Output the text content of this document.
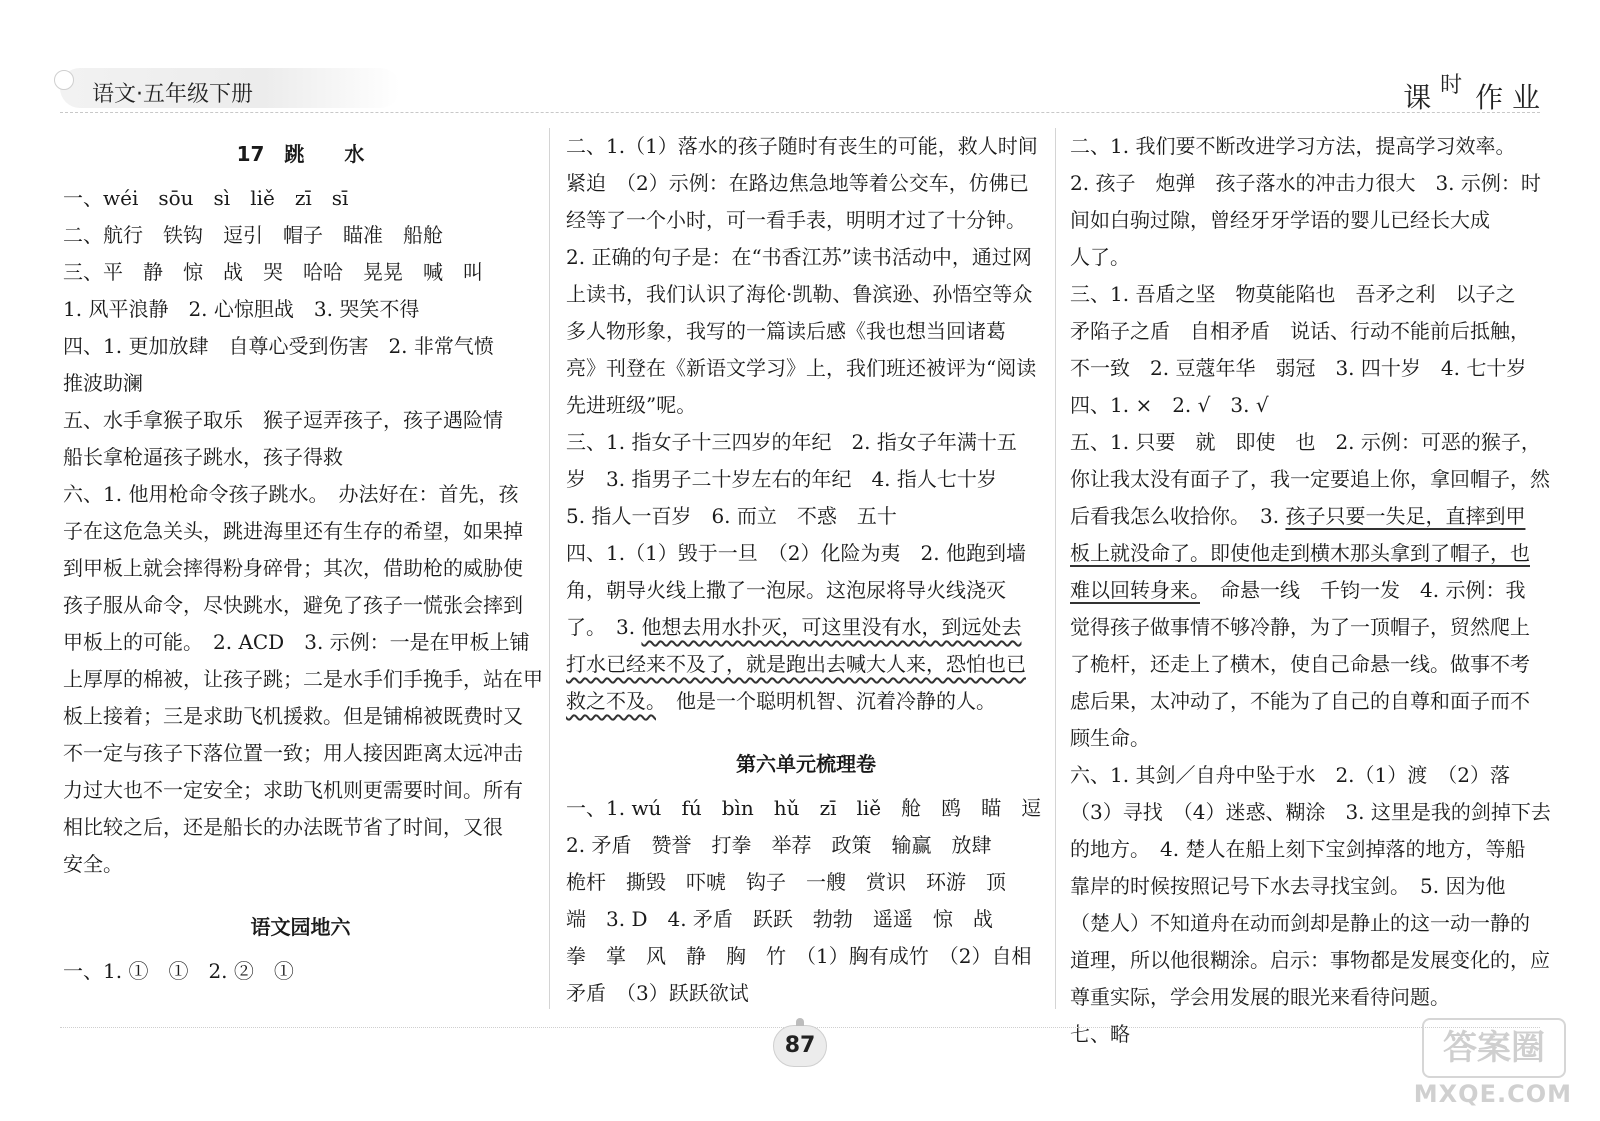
语文·五年级下册	课 时 作 业
17　跳　　水
一、wéi　sōu　sì　liě　zī　sī
二、航行　铁钩　逗引　帽子　瞄准　船舱
三、平　静　惊　战　哭　哈哈　晃晃　喊　叫
1. 风平浪静　2. 心惊胆战　3. 哭笑不得
四、1. 更加放肆　自尊心受到伤害　2. 非常气愤
推波助澜
五、水手拿猴子取乐　猴子逗弄孩子，孩子遇险情
船长拿枪逼孩子跳水，孩子得救
六、1. 他用枪命令孩子跳水。　办法好在：首先，孩
子在这危急关头，跳进海里还有生存的希望，如果掉
到甲板上就会摔得粉身碎骨；其次，借助枪的威胁使
孩子服从命令，尽快跳水，避免了孩子一慌张会摔到
甲板上的可能。　2. ACD　3. 示例：一是在甲板上铺
上厚厚的棉被，让孩子跳；二是水手们手挽手，站在甲
板上接着；三是求助飞机援救。但是铺棉被既费时又
不一定与孩子下落位置一致；用人接因距离太远冲击
力过大也不一定安全；求助飞机则更需要时间。所有
相比较之后，还是船长的办法既节省了时间，又很
安全。
语文园地六
一、1. ①　①　2. ②　①
二、1.（1）落水的孩子随时有丧生的可能，救人时间
紧迫　（2）示例：在路边焦急地等着公交车，仿佛已
经等了一个小时，可一看手表，明明才过了十分钟。
2. 正确的句子是：在“书香江苏”读书活动中，通过网
上读书，我们认识了海伦·凯勒、鲁滨逊、孙悟空等众
多人物形象，我写的一篇读后感《我也想当回诸葛
亮》刊登在《新语文学习》上，我们班还被评为“阅读
先进班级”呢。
三、1. 指女子十三四岁的年纪　2. 指女子年满十五
岁　3. 指男子二十岁左右的年纪　4. 指人七十岁
5. 指人一百岁　6. 而立　不惑　五十
四、1.（1）毁于一旦　（2）化险为夷　2. 他跑到墙
角，朝导火线上撒了一泡尿。这泡尿将导火线浇灭
了。　3. 他想去用水扑灭，可这里没有水，到远处去
打水已经来不及了，就是跑出去喊大人来，恐怕也已
救之不及。　他是一个聪明机智、沉着冷静的人。
第六单元梳理卷
一、1. wú　fú　bìn　hǔ　zī　liě　舱　鸥　瞄　逗
2. 矛盾　赞誉　打拳　举荐　政策　输赢　放肆
桅杆　撕毁　吓唬　钩子　一艘　赏识　环游　顶
端　3. D　4. 矛盾　跃跃　勃勃　遥遥　惊　战
拳　掌　风　静　胸　竹　（1）胸有成竹　（2）自相
矛盾　（3）跃跃欲试
二、1. 我们要不断改进学习方法，提高学习效率。
2. 孩子　炮弹　孩子落水的冲击力很大　3. 示例：时
间如白驹过隙，曾经牙牙学语的婴儿已经长大成
人了。
三、1. 吾盾之坚　物莫能陷也　吾矛之利　以子之
矛陷子之盾　自相矛盾　说话、行动不能前后抵触，
不一致　2. 豆蔻年华　弱冠　3. 四十岁　4. 七十岁
四、1. ×　2. √　3. √
五、1. 只要　就　即使　也　2. 示例：可恶的猴子，
你让我太没有面子了，我一定要追上你，拿回帽子，然
后看我怎么收拾你。　3. 孩子只要一失足，直摔到甲
板上就没命了。即使他走到横木那头拿到了帽子，也
难以回转身来。　命悬一线　千钧一发　4. 示例：我
觉得孩子做事情不够冷静，为了一顶帽子，贸然爬上
了桅杆，还走上了横木，使自己命悬一线。做事不考
虑后果，太冲动了，不能为了自己的自尊和面子而不
顾生命。
六、1. 其剑／自舟中坠于水　2.（1）渡　（2）落
（3）寻找　（4）迷惑、糊涂　3. 这里是我的剑掉下去
的地方。　4. 楚人在船上刻下宝剑掉落的地方，等船
靠岸的时候按照记号下水去寻找宝剑。　5. 因为他
（楚人）不知道舟在动而剑却是静止的这一动一静的
道理，所以他很糊涂。启示：事物都是发展变化的，应
尊重实际，学会用发展的眼光来看待问题。
七、略
87	答案圈
MXQE.COM
